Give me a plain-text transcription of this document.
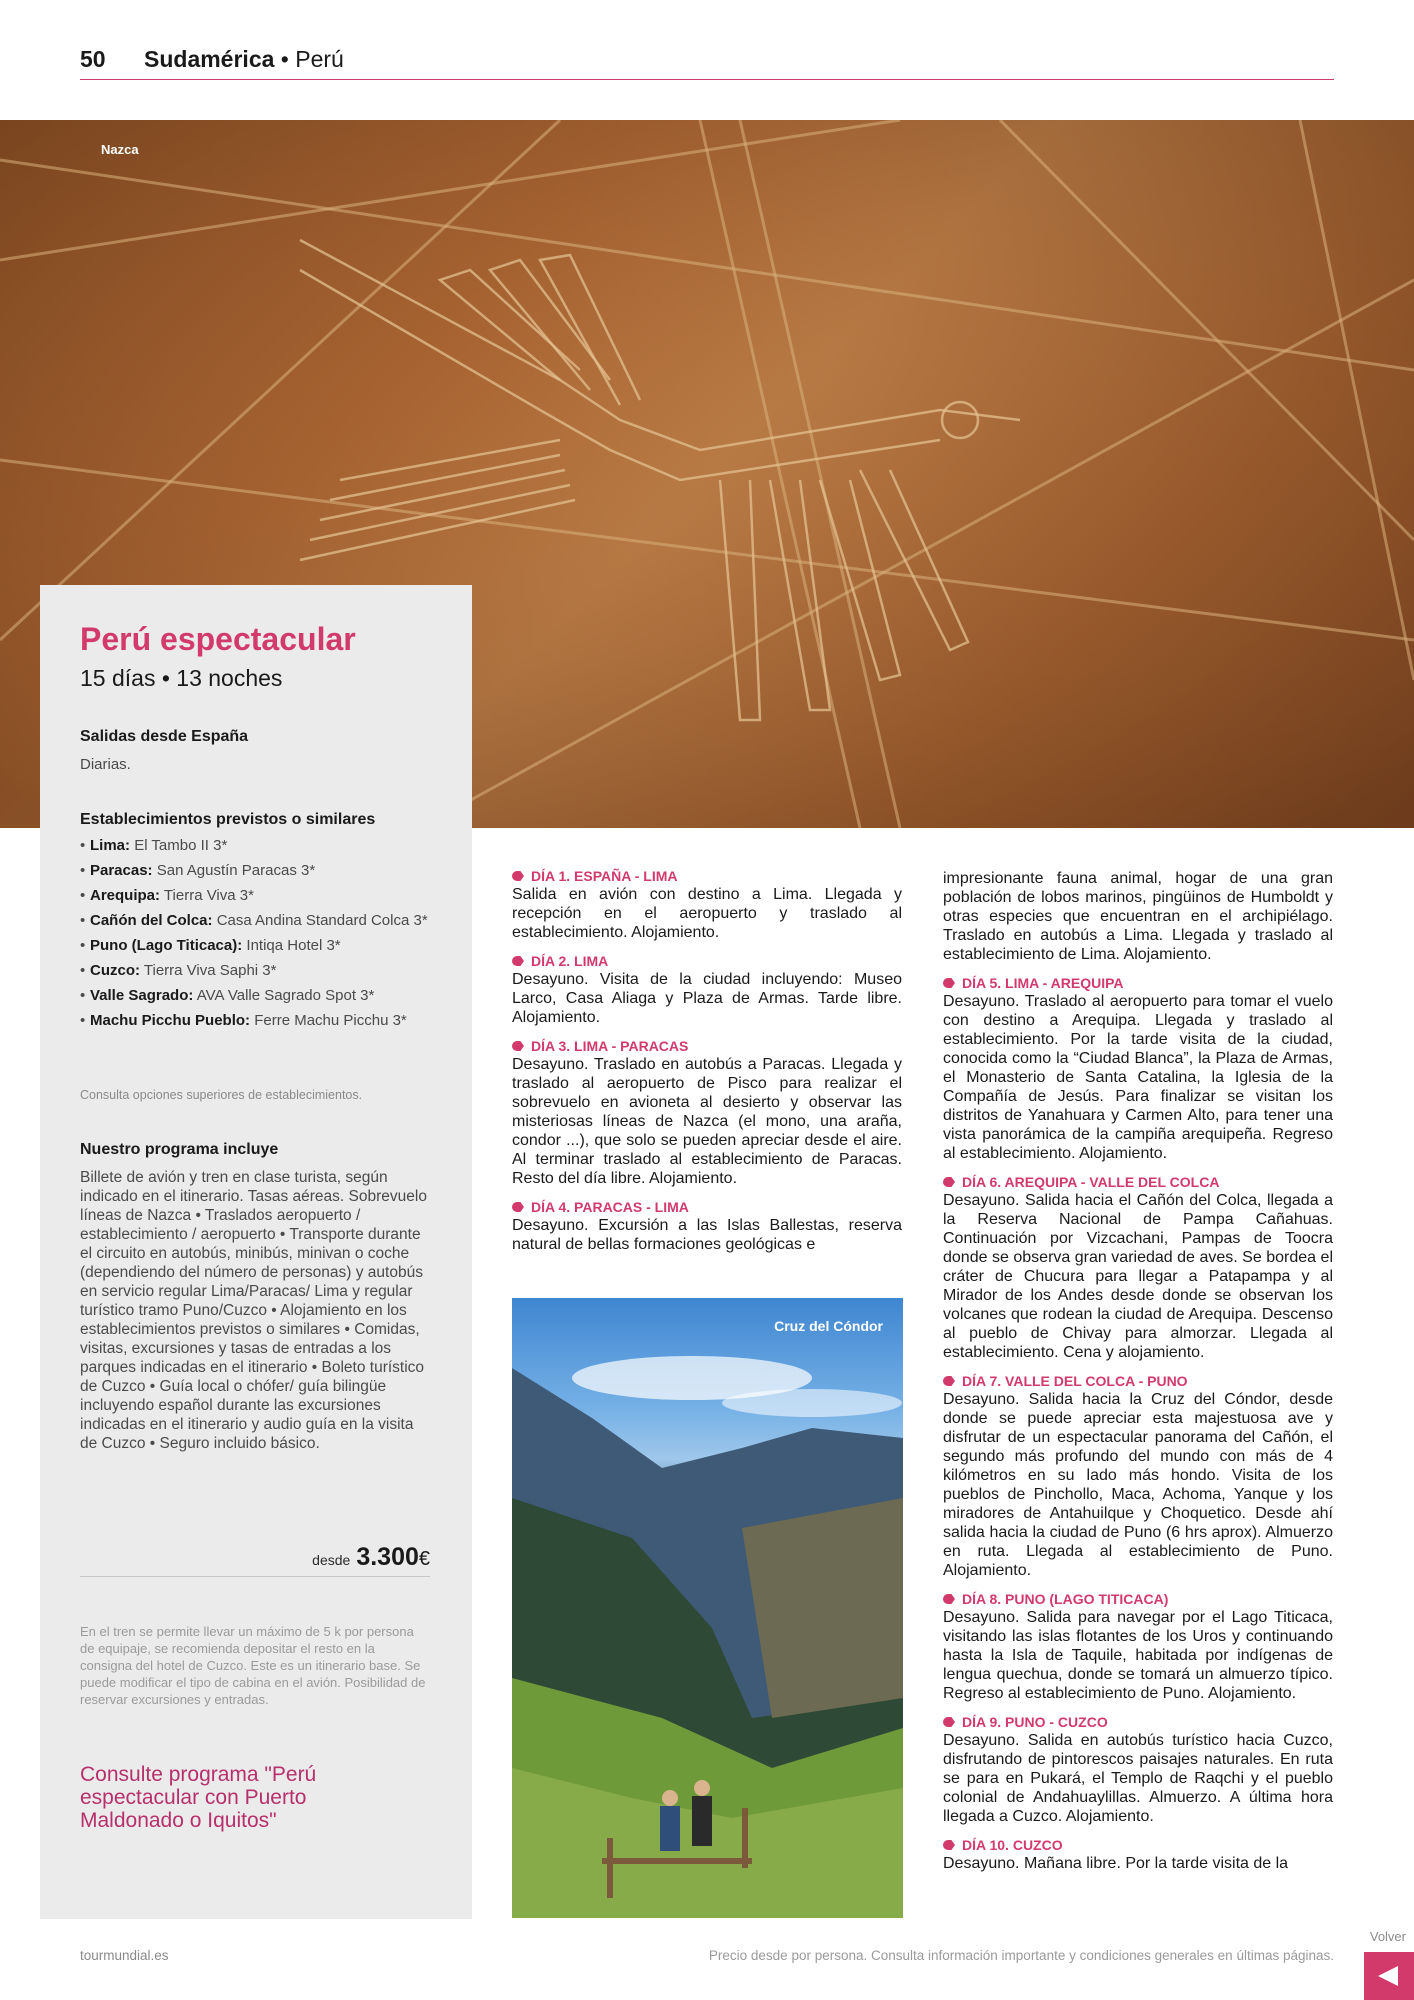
50 Sudamérica • Perú
Nazca
Perú espectacular
15 días • 13 noches
Salidas desde España
Diarias.
Establecimientos previstos o similares
• Lima: El Tambo II 3*
• Paracas: San Agustín Paracas 3*
• Arequipa: Tierra Viva 3*
• Cañón del Colca: Casa Andina Standard Colca 3*
• Puno (Lago Titicaca): Intiqa Hotel 3*
• Cuzco: Tierra Viva Saphi 3*
• Valle Sagrado: AVA Valle Sagrado Spot 3*
• Machu Picchu Pueblo: Ferre Machu Picchu 3*
Consulta opciones superiores de establecimientos.
Nuestro programa incluye
Billete de avión y tren en clase turista, según indicado en el itinerario. Tasas aéreas. Sobrevuelo líneas de Nazca • Traslados aeropuerto / establecimiento / aeropuerto • Transporte durante el circuito en autobús, minibús, minivan o coche (dependiendo del número de personas) y autobús en servicio regular Lima/Paracas/ Lima y regular turístico tramo Puno/Cuzco • Alojamiento en los establecimientos previstos o similares • Comidas, visitas, excursiones y tasas de entradas a los parques indicadas en el itinerario • Boleto turístico de Cuzco • Guía local o chófer/ guía bilingüe incluyendo español durante las excursiones indicadas en el itinerario y audio guía en la visita de Cuzco • Seguro incluido básico.
desde 3.300€
En el tren se permite llevar un máximo de 5 k por persona de equipaje, se recomienda depositar el resto en la consigna del hotel de Cuzco. Este es un itinerario base. Se puede modificar el tipo de cabina en el avión. Posibilidad de reservar excursiones y entradas.
Consulte programa "Perú espectacular con Puerto Maldonado o Iquitos"
DÍA 1. ESPAÑA - LIMA

Salida en avión con destino a Lima. Llegada y recepción en el aeropuerto y traslado al establecimiento. Alojamiento.

DÍA 2. LIMA

Desayuno. Visita de la ciudad incluyendo: Museo Larco, Casa Aliaga y Plaza de Armas. Tarde libre. Alojamiento.

DÍA 3. LIMA - PARACAS

Desayuno. Traslado en autobús a Paracas. Llegada y traslado al aeropuerto de Pisco para realizar el sobrevuelo en avioneta al desierto y observar las misteriosas líneas de Nazca (el mono, una araña, condor ...), que solo se pueden apreciar desde el aire. Al terminar traslado al establecimiento de Paracas. Resto del día libre. Alojamiento.

DÍA 4. PARACAS - LIMA

Desayuno. Excursión a las Islas Ballestas, reserva natural de bellas formaciones geológicas e

Cruz del Cóndor

impresionante fauna animal, hogar de una gran población de lobos marinos, pingüinos de Humboldt y otras especies que encuentran en el archipiélago. Traslado en autobús a Lima. Llegada y traslado al establecimiento de Lima. Alojamiento.

DÍA 5. LIMA - AREQUIPA

Desayuno. Traslado al aeropuerto para tomar el vuelo con destino a Arequipa. Llegada y traslado al establecimiento. Por la tarde visita de la ciudad, conocida como la “Ciudad Blanca”, la Plaza de Armas, el Monasterio de Santa Catalina, la Iglesia de la Compañía de Jesús. Para finalizar se visitan los distritos de Yanahuara y Carmen Alto, para tener una vista panorámica de la campiña arequipeña. Regreso al establecimiento. Alojamiento.

DÍA 6. AREQUIPA - VALLE DEL COLCA

Desayuno. Salida hacia el Cañón del Colca, llegada a la Reserva Nacional de Pampa Cañahuas. Continuación por Vizcachani, Pampas de Toocra donde se observa gran variedad de aves. Se bordea el cráter de Chucura para llegar a Patapampa y al Mirador de los Andes desde donde se observan los volcanes que rodean la ciudad de Arequipa. Descenso al pueblo de Chivay para almorzar. Llegada al establecimiento. Cena y alojamiento.

DÍA 7. VALLE DEL COLCA - PUNO

Desayuno. Salida hacia la Cruz del Cóndor, desde donde se puede apreciar esta majestuosa ave y disfrutar de un espectacular panorama del Cañón, el segundo más profundo del mundo con más de 4 kilómetros en su lado más hondo. Visita de los pueblos de Pinchollo, Maca, Achoma, Yanque y los miradores de Antahuilque y Choquetico. Desde ahí salida hacia la ciudad de Puno (6 hrs aprox). Almuerzo en ruta. Llegada al establecimiento de Puno. Alojamiento.

DÍA 8. PUNO (LAGO TITICACA)

Desayuno. Salida para navegar por el Lago Titicaca, visitando las islas flotantes de los Uros y continuando hasta la Isla de Taquile, habitada por indígenas de lengua quechua, donde se tomará un almuerzo típico. Regreso al establecimiento de Puno. Alojamiento.

DÍA 9. PUNO - CUZCO

Desayuno. Salida en autobús turístico hacia Cuzco, disfrutando de pintorescos paisajes naturales. En ruta se para en Pukará, el Templo de Raqchi y el pueblo colonial de Andahuaylillas. Almuerzo. A última hora llegada a Cuzco. Alojamiento.

DÍA 10. CUZCO

Desayuno. Mañana libre. Por la tarde visita de la

tourmundial.es	Precio desde por persona. Consulta información importante y condiciones generales en últimas páginas.
Volver
